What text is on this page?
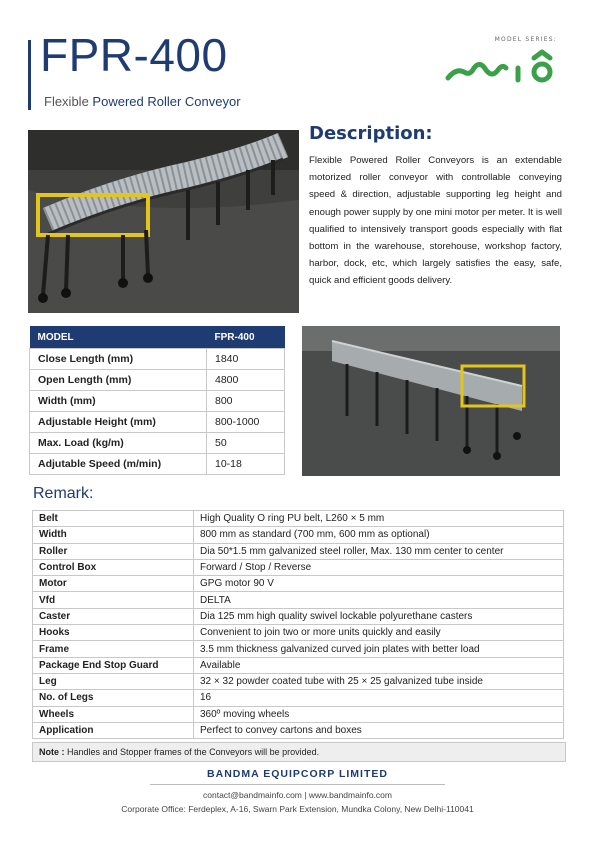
FPR-400
Flexible Powered Roller Conveyor
MODEL SERIES:
Description:
Flexible Powered Roller Conveyors is an extendable motorized roller conveyor with controllable conveying speed & direction, adjustable supporting leg height and enough power supply by one mini motor per meter. It is well qualified to intensively transport goods especially with flat bottom in the warehouse, storehouse, workshop factory, harbor, dock, etc, which largely satisfies the easy, safe, quick and efficient goods delivery.
MODEL	FPR-400
Close Length (mm)	1840
Open Length (mm)	4800
Width (mm)	800
Adjustable Height (mm)	800-1000
Max. Load (kg/m)	50
Adjutable Speed (m/min)	10-18
Remark:
Belt	High Quality O ring PU belt, L260 × 5 mm
Width	800 mm as standard (700 mm, 600 mm as optional)
Roller	Dia 50*1.5 mm galvanized steel roller, Max. 130 mm center to center
Control Box	Forward / Stop / Reverse
Motor	GPG motor 90 V
Vfd	DELTA
Caster	Dia 125 mm high quality swivel lockable polyurethane casters
Hooks	Convenient to join two or more units quickly and easily
Frame	3.5 mm thickness galvanized curved join plates with better load
Package End Stop Guard	Available
Leg	32 × 32 powder coated tube with 25 × 25 galvanized tube inside
No. of Legs	16
Wheels	360º moving wheels
Application	Perfect to convey cartons and boxes
Note : Handles and Stopper frames of the Conveyors will be provided.
BANDMA EQUIPCORP LIMITED
contact@bandmainfo.com | www.bandmainfo.com
Corporate Office: Ferdeplex, A-16, Swarn Park Extension, Mundka Colony, New Delhi-110041
